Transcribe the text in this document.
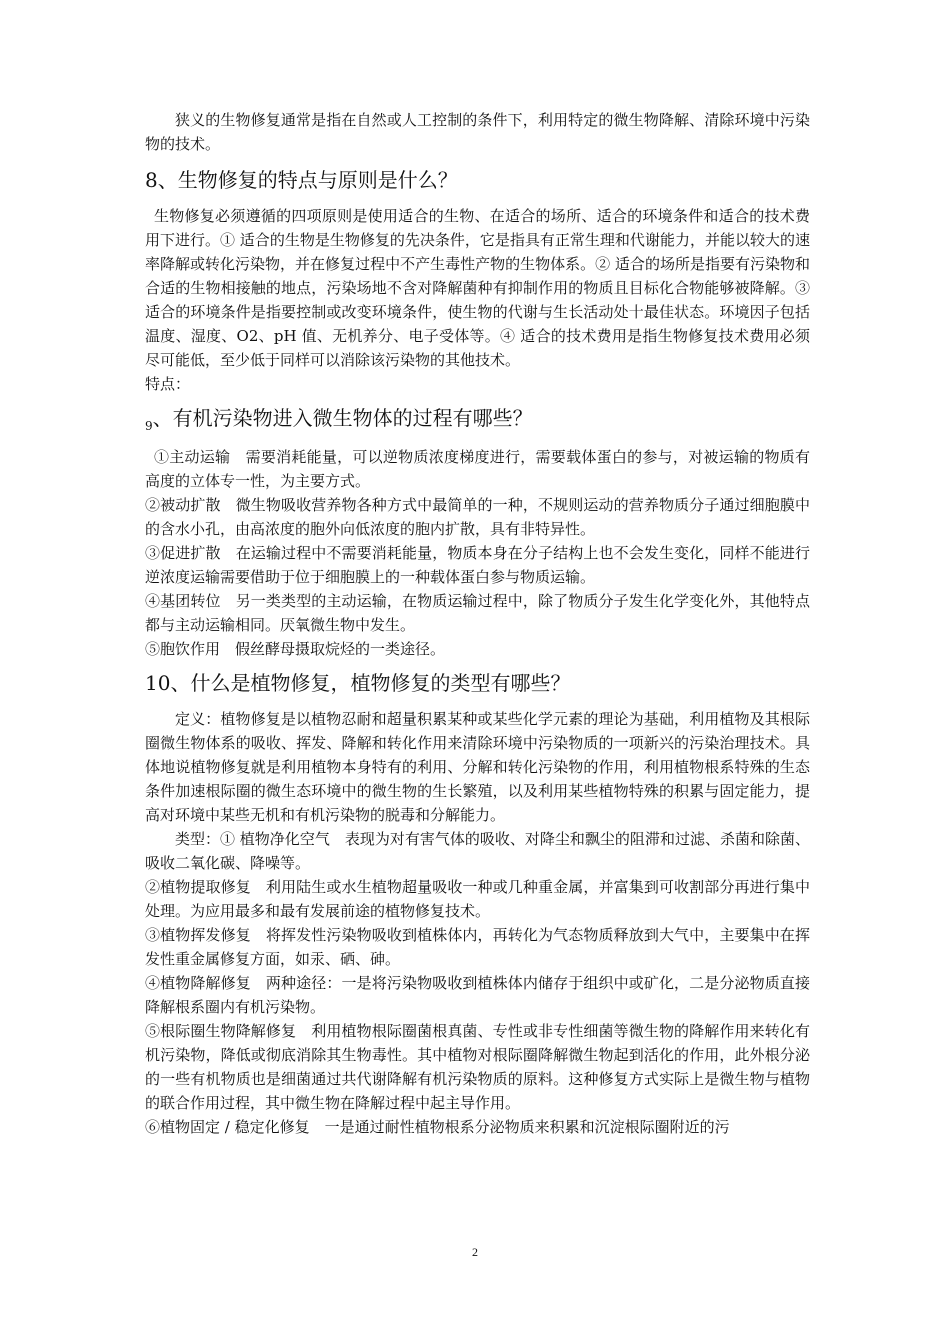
狭义的生物修复通常是指在自然或人工控制的条件下，利用特定的微生物降解、清除环境中污染物的技术。

8、生物修复的特点与原则是什么？

生物修复必须遵循的四项原则是使用适合的生物、在适合的场所、适合的环境条件和适合的技术费用下进行。① 适合的生物是生物修复的先决条件，它是指具有正常生理和代谢能力，并能以较大的速率降解或转化污染物，并在修复过程中不产生毒性产物的生物体系。② 适合的场所是指要有污染物和合适的生物相接触的地点，污染场地不含对降解菌种有抑制作用的物质且目标化合物能够被降解。③ 适合的环境条件是指要控制或改变环境条件，使生物的代谢与生长活动处十最佳状态。环境因子包括温度、湿度、O2、pH 值、无机养分、电子受体等。④ 适合的技术费用是指生物修复技术费用必须尽可能低，至少低于同样可以消除该污染物的其他技术。

特点：

$_9$、有机污染物进入微生物体的过程有哪些？

①主动运输　需要消耗能量，可以逆物质浓度梯度进行，需要载体蛋白的参与，对被运输的物质有高度的立体专一性，为主要方式。

②被动扩散　微生物吸收营养物各种方式中最简单的一种，不规则运动的营养物质分子通过细胞膜中的含水小孔，由高浓度的胞外向低浓度的胞内扩散，具有非特异性。

③促进扩散　在运输过程中不需要消耗能量，物质本身在分子结构上也不会发生变化，同样不能进行逆浓度运输需要借助于位于细胞膜上的一种载体蛋白参与物质运输。

④基团转位　另一类类型的主动运输，在物质运输过程中，除了物质分子发生化学变化外，其他特点都与主动运输相同。厌氧微生物中发生。

⑤胞饮作用　假丝酵母摄取烷烃的一类途径。

10、什么是植物修复，植物修复的类型有哪些？

定义：植物修复是以植物忍耐和超量积累某种或某些化学元素的理论为基础，利用植物及其根际圈微生物体系的吸收、挥发、降解和转化作用来清除环境中污染物质的一项新兴的污染治理技术。具体地说植物修复就是利用植物本身特有的利用、分解和转化污染物的作用，利用植物根系特殊的生态条件加速根际圈的微生态环境中的微生物的生长繁殖，以及利用某些植物特殊的积累与固定能力，提高对环境中某些无机和有机污染物的脱毒和分解能力。

类型：① 植物净化空气　表现为对有害气体的吸收、对降尘和飘尘的阻滞和过滤、杀菌和除菌、吸收二氧化碳、降噪等。

②植物提取修复　利用陆生或水生植物超量吸收一种或几种重金属，并富集到可收割部分再进行集中处理。为应用最多和最有发展前途的植物修复技术。

③植物挥发修复　将挥发性污染物吸收到植株体内，再转化为气态物质释放到大气中，主要集中在挥发性重金属修复方面，如汞、硒、砷。

④植物降解修复　两种途径：一是将污染物吸收到植株体内储存于组织中或矿化，二是分泌物质直接降解根系圈内有机污染物。

⑤根际圈生物降解修复　利用植物根际圈菌根真菌、专性或非专性细菌等微生物的降解作用来转化有机污染物，降低或彻底消除其生物毒性。其中植物对根际圈降解微生物起到活化的作用，此外根分泌的一些有机物质也是细菌通过共代谢降解有机污染物质的原料。这种修复方式实际上是微生物与植物的联合作用过程，其中微生物在降解过程中起主导作用。

⑥植物固定 / 稳定化修复　一是通过耐性植物根系分泌物质来积累和沉淀根际圈附近的污

2
